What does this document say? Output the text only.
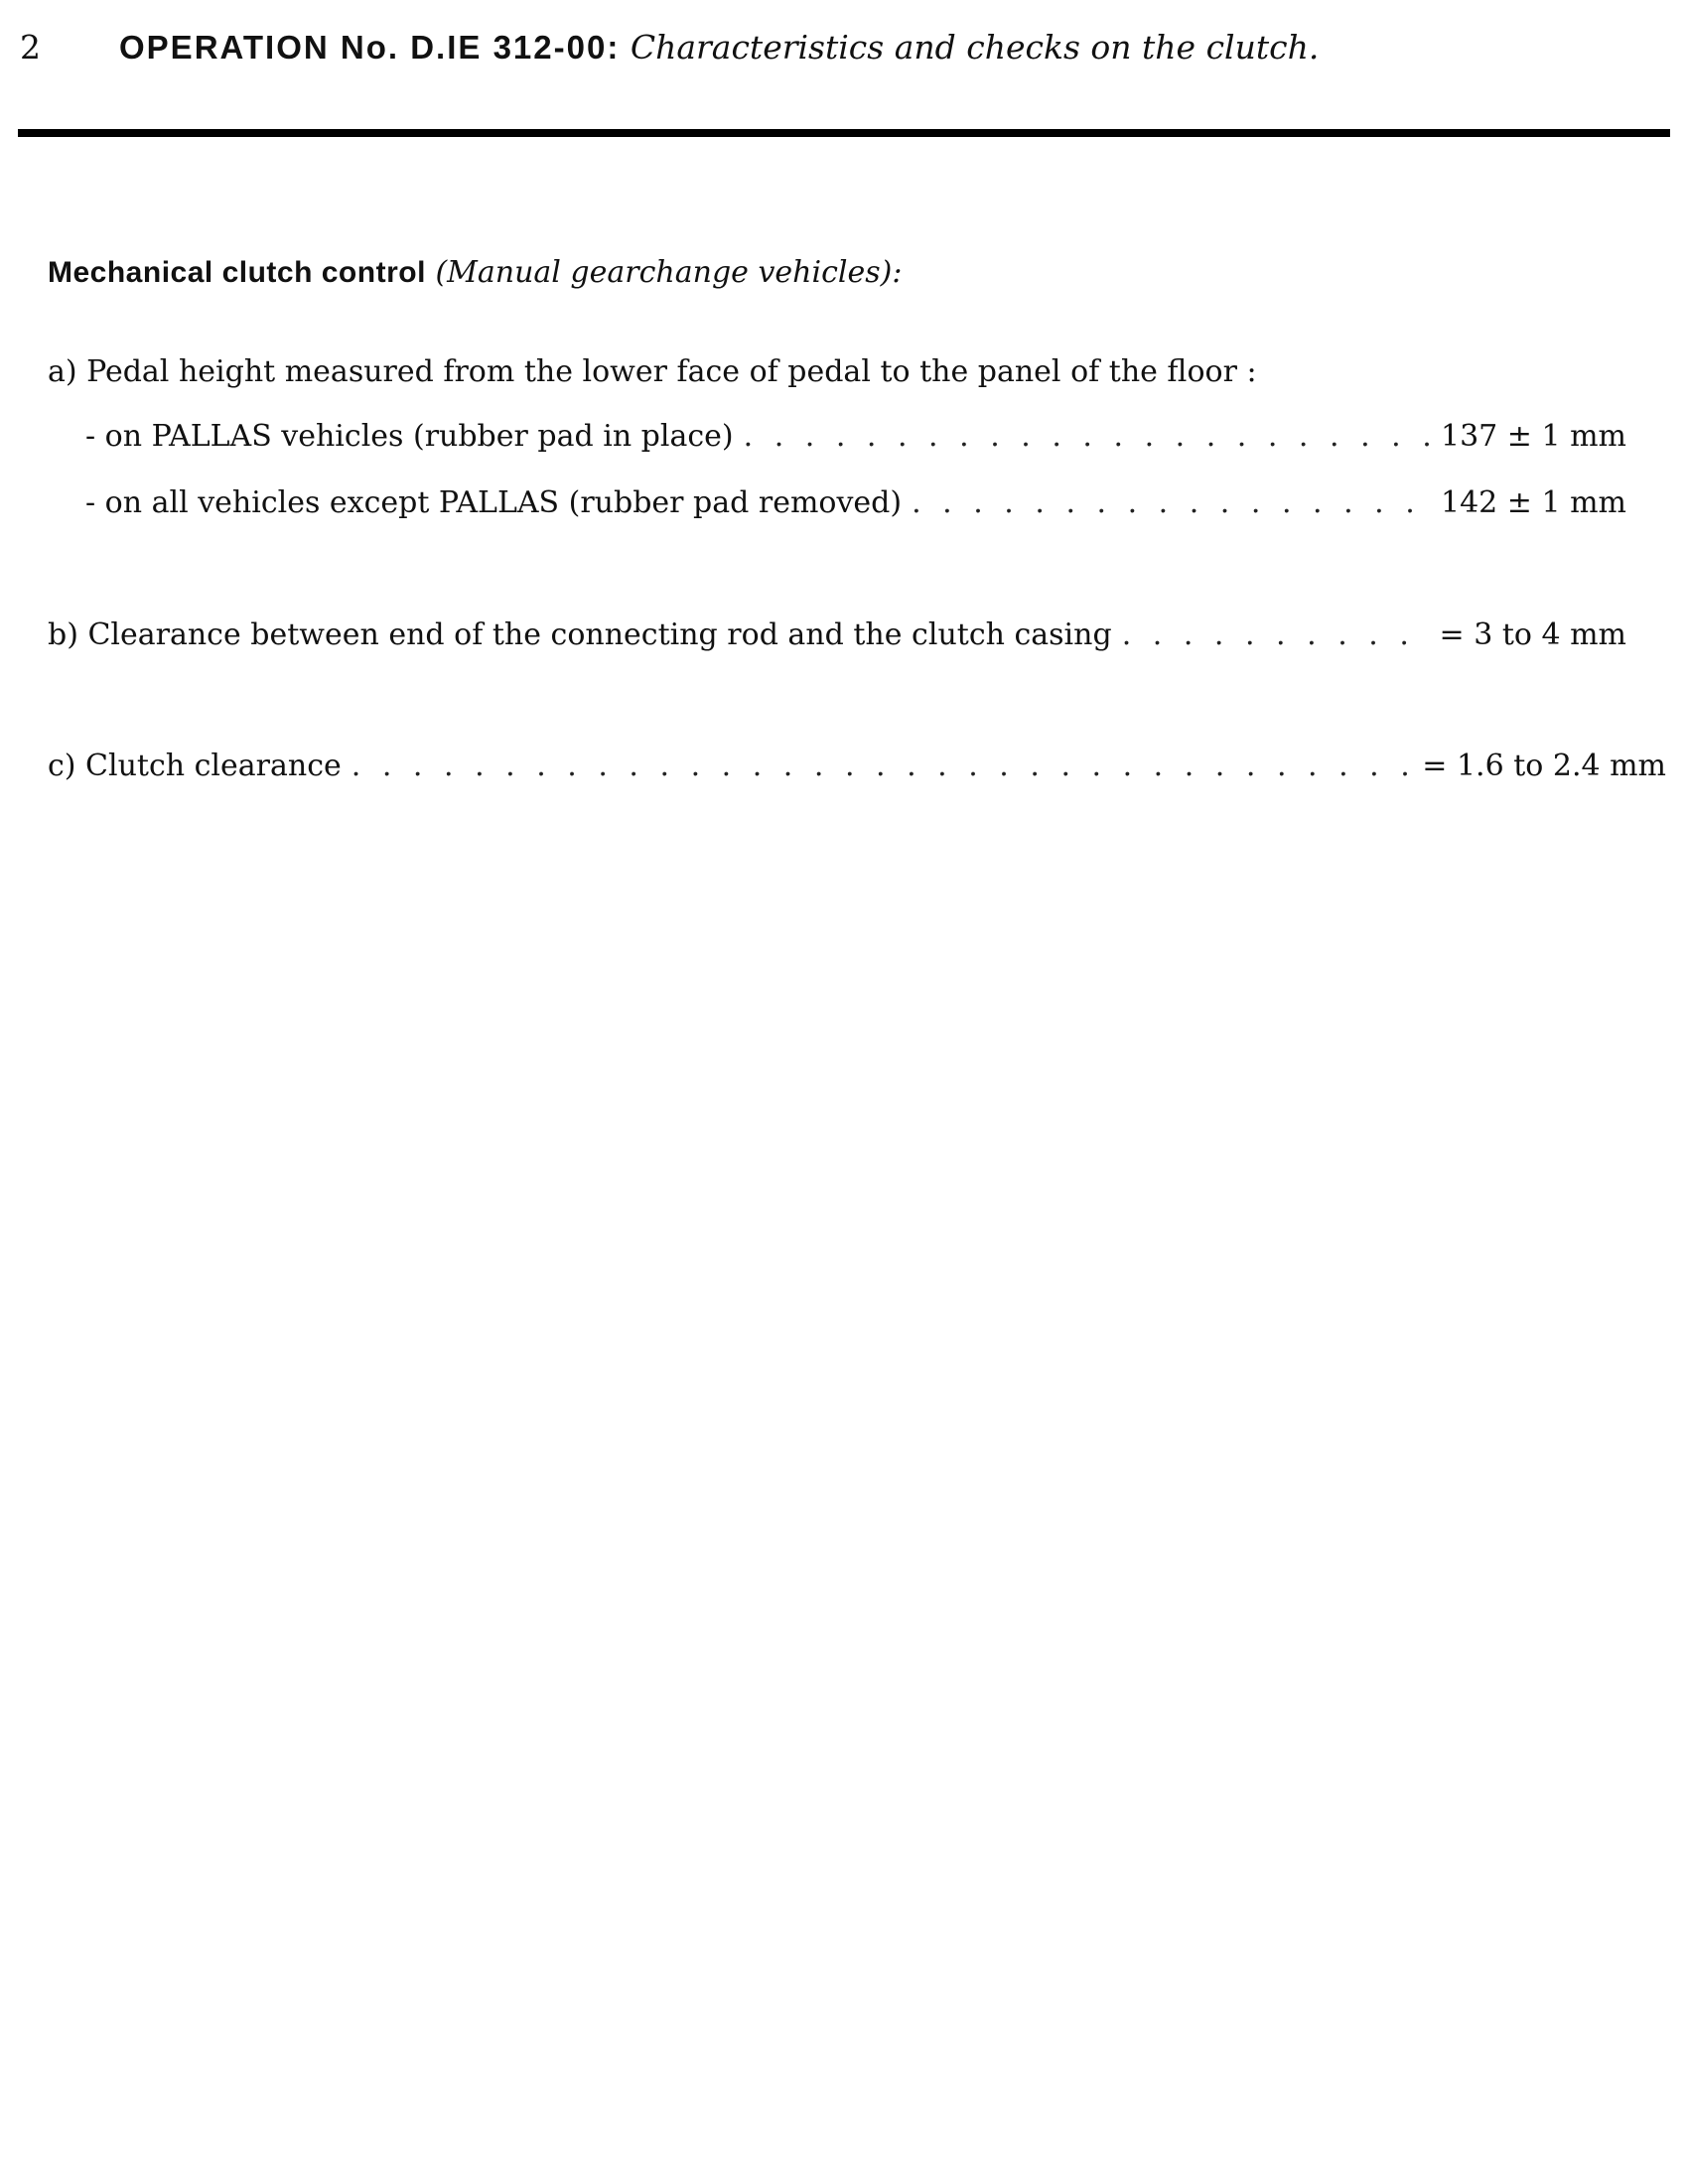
2 OPERATION No. D.IE 312-00: Characteristics and checks on the clutch.
Mechanical clutch control (Manual gearchange vehicles):
a) Pedal height measured from the lower face of pedal to the panel of the floor :
- on PALLAS vehicles (rubber pad in place) . . .	137 ± 1 mm
- on all vehicles except PALLAS (rubber pad removed) . . .	142 ± 1 mm
b) Clearance between end of the connecting rod and the clutch casing . . .	= 3 to 4 mm
c) Clutch clearance . . .	= 1.6 to 2.4 mm
